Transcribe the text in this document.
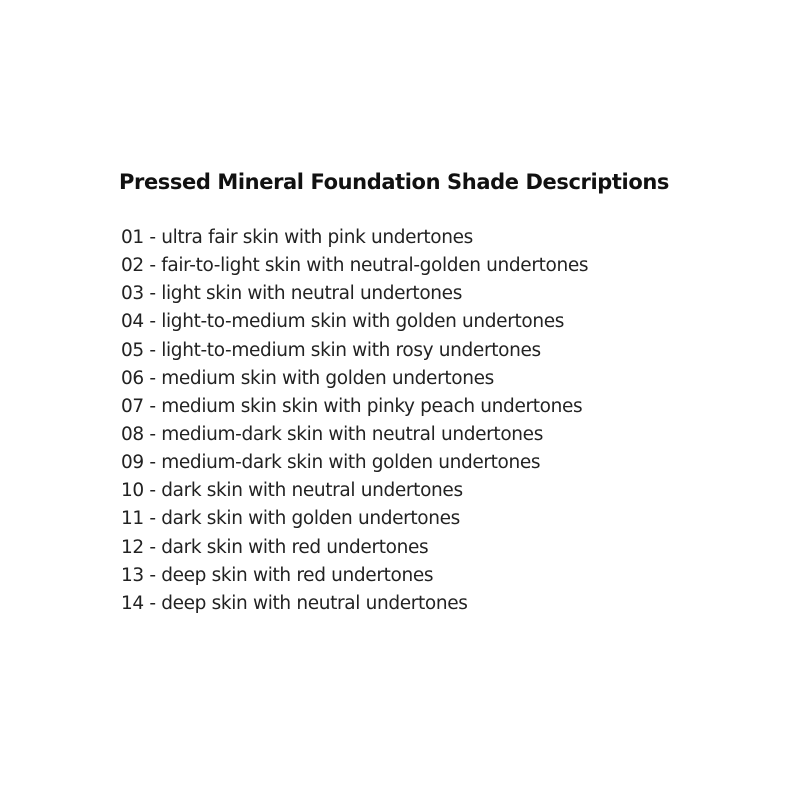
Pressed Mineral Foundation Shade Descriptions
01 - ultra fair skin with pink undertones
02 - fair-to-light skin with neutral-golden undertones
03 - light skin with neutral undertones
04 - light-to-medium skin with golden undertones
05 - light-to-medium skin with rosy undertones
06 - medium skin with golden undertones
07 - medium skin skin with pinky peach undertones
08 - medium-dark skin with neutral undertones
09 - medium-dark skin with golden undertones
10 - dark skin with neutral undertones
11 - dark skin with golden undertones
12 - dark skin with red undertones
13 - deep skin with red undertones
14 - deep skin with neutral undertones
